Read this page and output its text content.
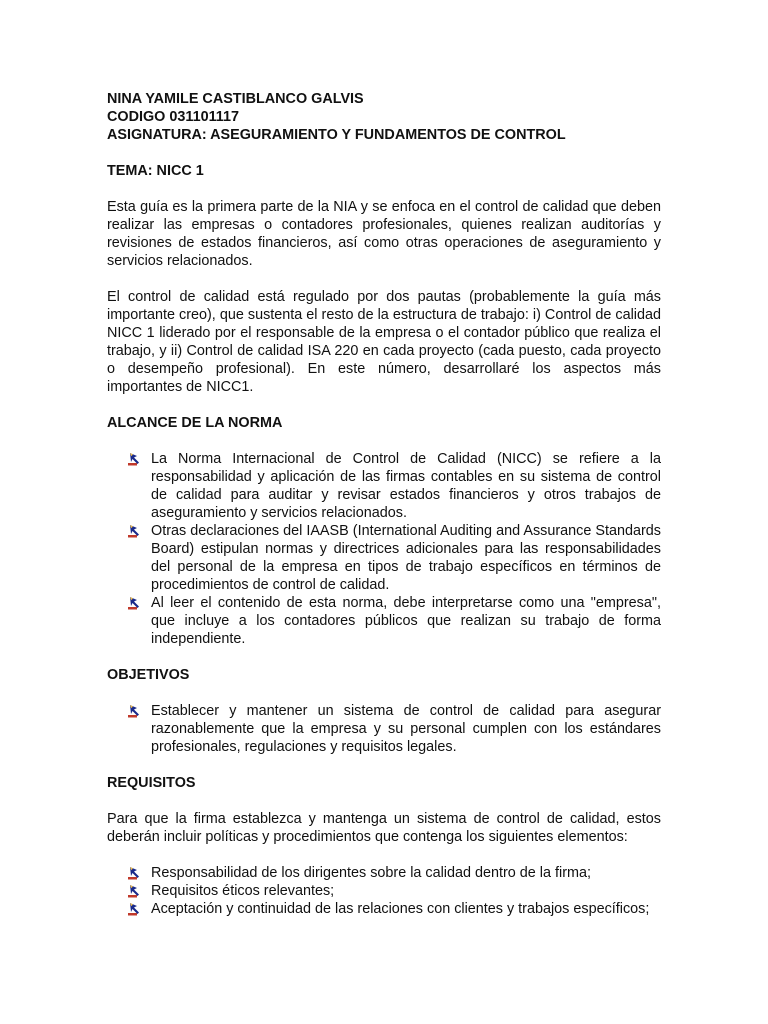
NINA YAMILE CASTIBLANCO GALVIS
CODIGO 031101117
ASIGNATURA: ASEGURAMIENTO Y FUNDAMENTOS DE CONTROL
TEMA: NICC 1

Esta guía es la primera parte de la NIA y se enfoca en el control de calidad que deben realizar las empresas o contadores profesionales, quienes realizan auditorías y revisiones de estados financieros, así como otras operaciones de aseguramiento y servicios relacionados.

El control de calidad está regulado por dos pautas (probablemente la guía más importante creo), que sustenta el resto de la estructura de trabajo: i) Control de calidad NICC 1 liderado por el responsable de la empresa o el contador público que realiza el trabajo, y ii) Control de calidad ISA 220 en cada proyecto (cada puesto, cada proyecto o desempeño profesional). En este número, desarrollaré los aspectos más importantes de NICC1.

ALCANCE DE LA NORMA
La Norma Internacional de Control de Calidad (NICC) se refiere a la responsabilidad y aplicación de las firmas contables en su sistema de control de calidad para auditar y revisar estados financieros y otros trabajos de aseguramiento y servicios relacionados.
Otras declaraciones del IAASB (International Auditing and Assurance Standards Board) estipulan normas y directrices adicionales para las responsabilidades del personal de la empresa en tipos de trabajo específicos en términos de procedimientos de control de calidad.
Al leer el contenido de esta norma, debe interpretarse como una "empresa", que incluye a los contadores públicos que realizan su trabajo de forma independiente.
OBJETIVOS
Establecer y mantener un sistema de control de calidad para asegurar razonablemente que la empresa y su personal cumplen con los estándares profesionales, regulaciones y requisitos legales.
REQUISITOS

Para que la firma establezca y mantenga un sistema de control de calidad, estos deberán incluir políticas y procedimientos que contenga los siguientes elementos:

Responsabilidad de los dirigentes sobre la calidad dentro de la firma;
Requisitos éticos relevantes;
Aceptación y continuidad de las relaciones con clientes y trabajos específicos;
